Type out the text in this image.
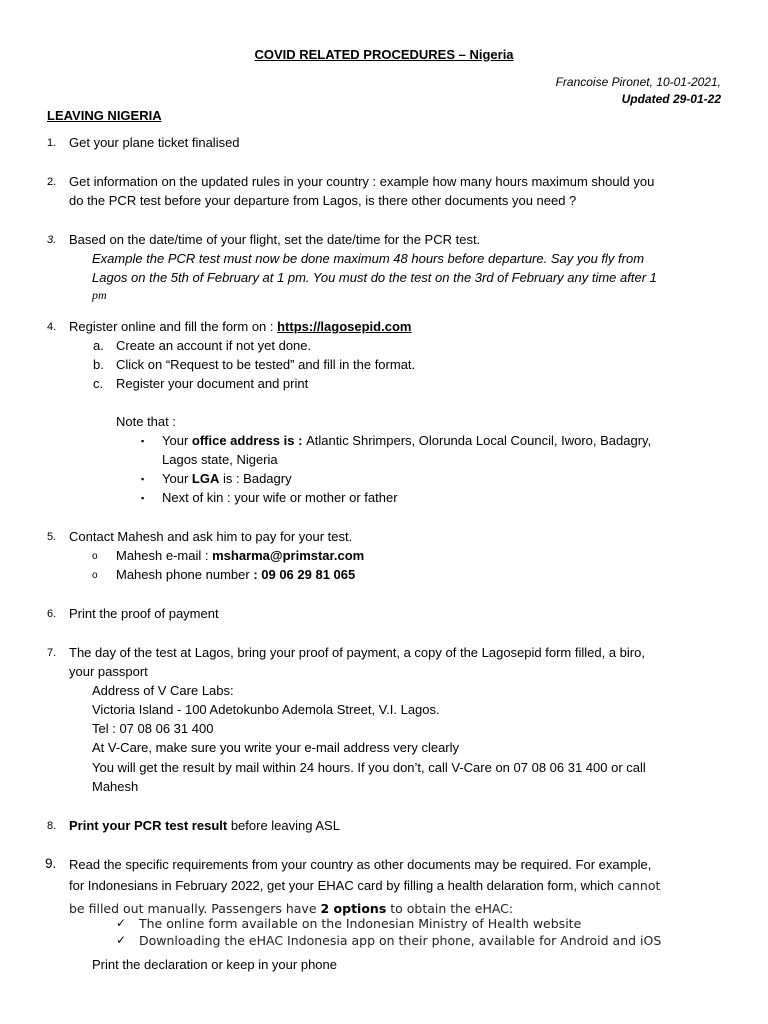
COVID RELATED PROCEDURES – Nigeria
Francoise Pironet, 10-01-2021,
Updated 29-01-22
LEAVING NIGERIA
1. Get your plane ticket finalised
2. Get information on the updated rules in your country : example how many hours maximum should you
do the PCR test before your departure from Lagos, is there other documents you need ?
3. Based on the date/time of your flight, set the date/time for the PCR test.
Example the PCR test must now be done maximum 48 hours before departure. Say you fly from
Lagos on the 5th of February at 1 pm. You must do the test on the 3rd of February any time after 1
pm
4. Register online and fill the form on : https://lagosepid.com
a. Create an account if not yet done.
b. Click on “Request to be tested” and fill in the format.
c. Register your document and print
Note that :
▪ Your office address is : Atlantic Shrimpers, Olorunda Local Council, Iworo, Badagry,
Lagos state, Nigeria
▪ Your LGA is : Badagry
▪ Next of kin : your wife or mother or father
5. Contact Mahesh and ask him to pay for your test.
o Mahesh e-mail : msharma@primstar.com
o Mahesh phone number : 09 06 29 81 065
6. Print the proof of payment
7. The day of the test at Lagos, bring your proof of payment, a copy of the Lagosepid form filled, a biro,
your passport
Address of V Care Labs:
Victoria Island - 100 Adetokunbo Ademola Street, V.I. Lagos.
Tel : 07 08 06 31 400
At V-Care, make sure you write your e-mail address very clearly
You will get the result by mail within 24 hours. If you don’t, call V-Care on 07 08 06 31 400 or call
Mahesh
8. Print your PCR test result before leaving ASL
9. Read the specific requirements from your country as other documents may be required. For example,
for Indonesians in February 2022, get your EHAC card by filling a health delaration form, which cannot
be filled out manually. Passengers have 2 options to obtain the eHAC:
✓ The online form available on the Indonesian Ministry of Health website
✓ Downloading the eHAC Indonesia app on their phone, available for Android and iOS
Print the declaration or keep in your phone
